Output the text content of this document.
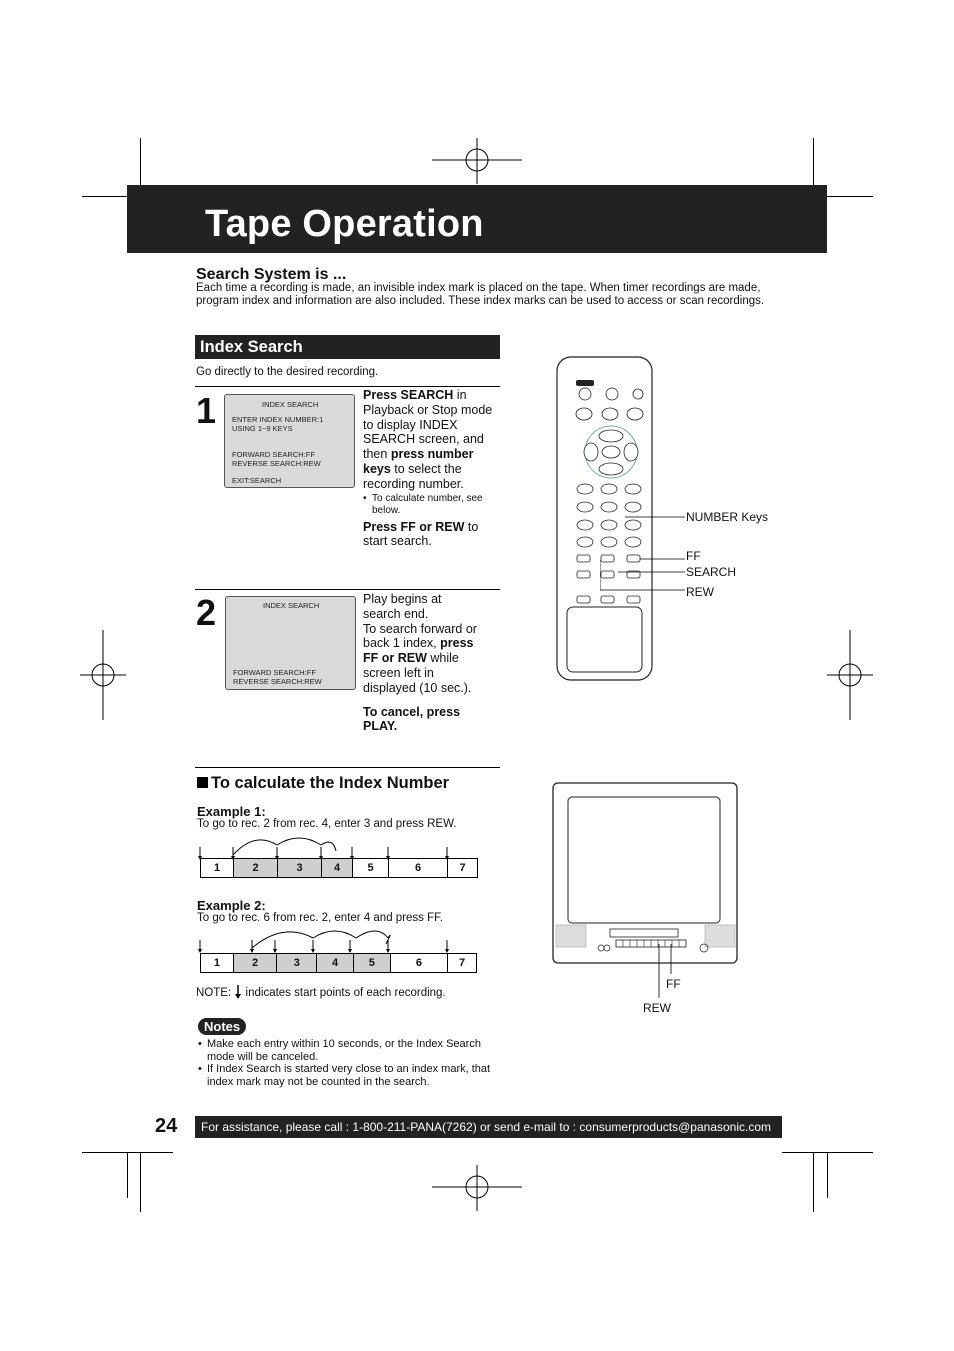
Tape Operation
Search System is ...
Each time a recording is made, an invisible index mark is placed on the tape. When timer recordings are made, program index and information are also included. These index marks can be used to access or scan recordings.
Index Search
Go directly to the desired recording.
1	INDEX SEARCH
ENTER INDEX NUMBER:1
USING 1~9 KEYS
FORWARD SEARCH:FF
REVERSE SEARCH:REW
EXIT:SEARCH
Press SEARCH in Playback or Stop mode to display INDEX SEARCH screen, and then press number keys to select the recording number.
• To calculate number, see below.
Press FF or REW to start search.
2	INDEX SEARCH
FORWARD SEARCH:FF
REVERSE SEARCH:REW
Play begins at search end.
To search forward or back 1 index, press FF or REW while screen left in displayed (10 sec.).
To cancel, press PLAY.
To calculate the Index Number
Example 1:
To go to rec. 2 from rec. 4, enter 3 and press REW.
1	2	3	4	5	6	7
Example 2:
To go to rec. 6 from rec. 2, enter 4 and press FF.
1	2	3	4	5	6	7
NOTE: indicates start points of each recording.
Notes
• Make each entry within 10 seconds, or the Index Search mode will be canceled.
• If Index Search is started very close to an index mark, that index mark may not be counted in the search.
NUMBER Keys
FF
SEARCH
REW
FF
REW
24	For assistance, please call : 1-800-211-PANA(7262) or send e-mail to : consumerproducts@panasonic.com
